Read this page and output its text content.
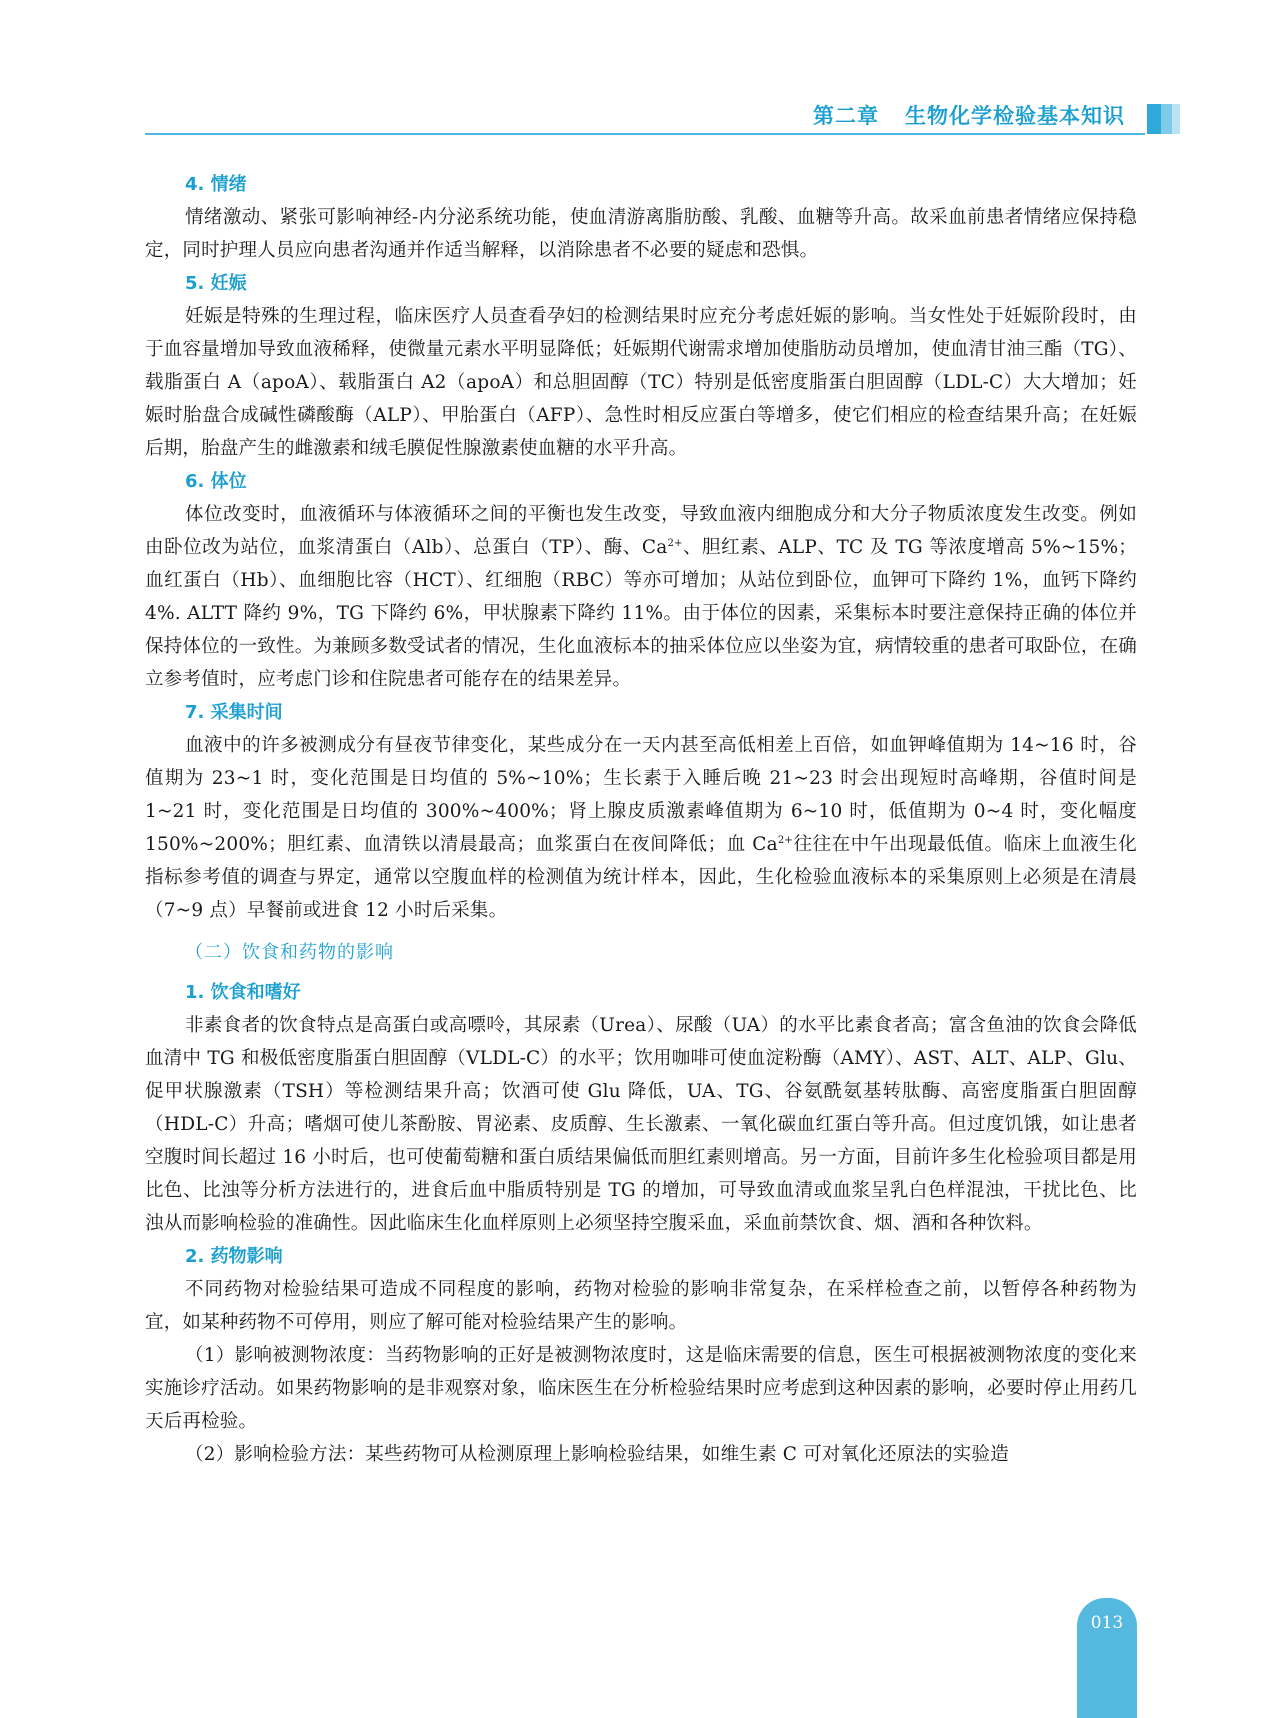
第二章 生物化学检验基本知识
4. 情绪

情绪激动、紧张可影响神经-内分泌系统功能，使血清游离脂肪酸、乳酸、血糖等升高。故采血前患者情绪应保持稳定，同时护理人员应向患者沟通并作适当解释，以消除患者不必要的疑虑和恐惧。

5. 妊娠

妊娠是特殊的生理过程，临床医疗人员查看孕妇的检测结果时应充分考虑妊娠的影响。当女性处于妊娠阶段时，由于血容量增加导致血液稀释，使微量元素水平明显降低；妊娠期代谢需求增加使脂肪动员增加，使血清甘油三酯（TG）、载脂蛋白 A（apoA）、载脂蛋白 A2（apoA）和总胆固醇（TC）特别是低密度脂蛋白胆固醇（LDL-C）大大增加；妊娠时胎盘合成碱性磷酸酶（ALP）、甲胎蛋白（AFP）、急性时相反应蛋白等增多，使它们相应的检查结果升高；在妊娠后期，胎盘产生的雌激素和绒毛膜促性腺激素使血糖的水平升高。

6. 体位

体位改变时，血液循环与体液循环之间的平衡也发生改变，导致血液内细胞成分和大分子物质浓度发生改变。例如由卧位改为站位，血浆清蛋白（Alb）、总蛋白（TP）、酶、$Ca^{2+}$、胆红素、ALP、TC 及 TG 等浓度增高 5%~15%；血红蛋白（Hb）、血细胞比容（HCT）、红细胞（RBC）等亦可增加；从站位到卧位，血钾可下降约 1%，血钙下降约 4%. ALTT 降约 9%，TG 下降约 6%，甲状腺素下降约 11%。由于体位的因素，采集标本时要注意保持正确的体位并保持体位的一致性。为兼顾多数受试者的情况，生化血液标本的抽采体位应以坐姿为宜，病情较重的患者可取卧位，在确立参考值时，应考虑门诊和住院患者可能存在的结果差异。

7. 采集时间

血液中的许多被测成分有昼夜节律变化，某些成分在一天内甚至高低相差上百倍，如血钾峰值期为 14~16 时，谷值期为 23~1 时，变化范围是日均值的 5%~10%；生长素于入睡后晚 21~23 时会出现短时高峰期，谷值时间是 1~21 时，变化范围是日均值的 300%~400%；肾上腺皮质激素峰值期为 6~10 时，低值期为 0~4 时，变化幅度 150%~200%；胆红素、血清铁以清晨最高；血浆蛋白在夜间降低；血 $Ca^{2+}$往往在中午出现最低值。临床上血液生化指标参考值的调查与界定，通常以空腹血样的检测值为统计样本，因此，生化检验血液标本的采集原则上必须是在清晨（7~9 点）早餐前或进食 12 小时后采集。

（二）饮食和药物的影响
1. 饮食和嗜好

非素食者的饮食特点是高蛋白或高嘌呤，其尿素（Urea）、尿酸（UA）的水平比素食者高；富含鱼油的饮食会降低血清中 TG 和极低密度脂蛋白胆固醇（VLDL-C）的水平；饮用咖啡可使血淀粉酶（AMY）、AST、ALT、ALP、Glu、促甲状腺激素（TSH）等检测结果升高；饮酒可使 Glu 降低，UA、TG、谷氨酰氨基转肽酶、高密度脂蛋白胆固醇（HDL-C）升高；嗜烟可使儿茶酚胺、胃泌素、皮质醇、生长激素、一氧化碳血红蛋白等升高。但过度饥饿，如让患者空腹时间长超过 16 小时后，也可使葡萄糖和蛋白质结果偏低而胆红素则增高。另一方面，目前许多生化检验项目都是用比色、比浊等分析方法进行的，进食后血中脂质特别是 TG 的增加，可导致血清或血浆呈乳白色样混浊，干扰比色、比浊从而影响检验的准确性。因此临床生化血样原则上必须坚持空腹采血，采血前禁饮食、烟、酒和各种饮料。

2. 药物影响

不同药物对检验结果可造成不同程度的影响，药物对检验的影响非常复杂，在采样检查之前，以暂停各种药物为宜，如某种药物不可停用，则应了解可能对检验结果产生的影响。

（1）影响被测物浓度：当药物影响的正好是被测物浓度时，这是临床需要的信息，医生可根据被测物浓度的变化来实施诊疗活动。如果药物影响的是非观察对象，临床医生在分析检验结果时应考虑到这种因素的影响，必要时停止用药几天后再检验。

（2）影响检验方法：某些药物可从检测原理上影响检验结果，如维生素 C 可对氧化还原法的实验造

013
